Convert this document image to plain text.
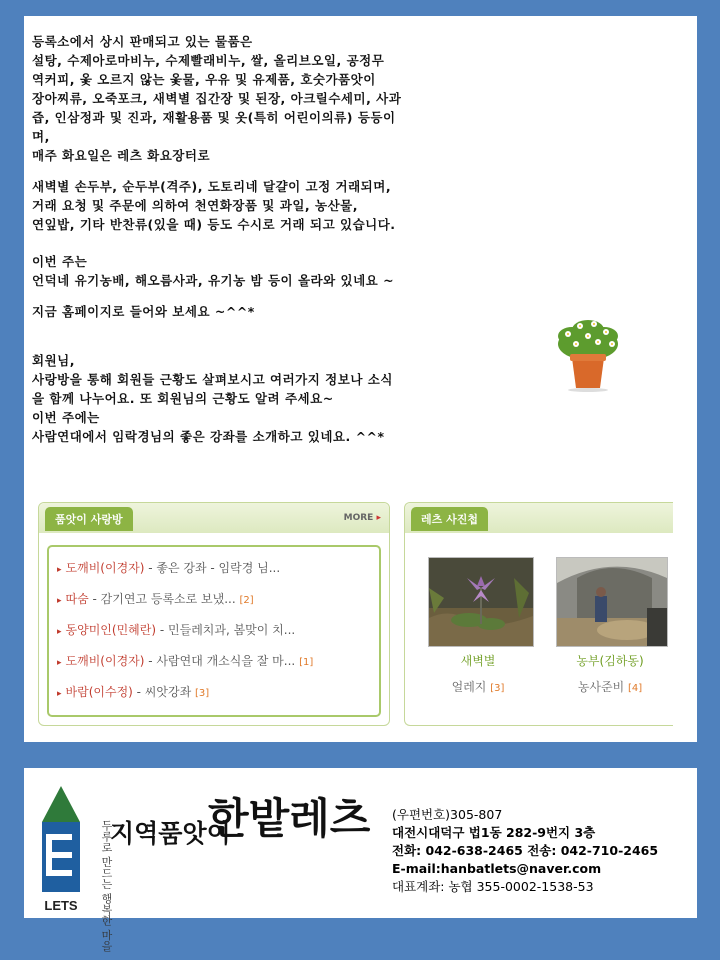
등록소에서 상시 판매되고 있는 물품은

설탕, 수제아로마비누, 수제빨래비누, 쌀, 올리브오일, 공정무

역커피, 옻 오르지 않는 옻물, 우유 및 유제품, 호숫가품앗이

장아찌류, 오죽포크, 새벽별 집간장 및 된장, 아크릴수세미, 사과

즙, 인삼정과 및 진과, 재활용품 및 옷(특히 어린이의류) 등등이

며,

매주 화요일은 레츠 화요장터로

새벽별 손두부, 순두부(격주), 도토리네 달걀이 고정 거래되며,

거래 요청 및 주문에 의하여 천연화장품 및 과일, 농산물,

연잎밥, 기타 반찬류(있을 때) 등도 수시로 거래 되고 있습니다.

이번 주는

언덕네 유기농배, 해오름사과, 유기농 밤 등이 올라와 있네요 ~

지금 홈페이지로 들어와 보세요 ~^^*

회원님,

사랑방을 통해 회원들 근황도 살펴보시고 여러가지 정보나 소식

을 함께 나누어요. 또 회원님의 근황도 알려 주세요~

이번 주에는

사람연대에서 임락경님의 좋은 강좌를 소개하고 있네요. ^^*

품앗이 사랑방	MORE ▸
▸ 도깨비(이경자) - 좋은 강좌 - 임락경 님...
▸ 따숨 - 감기연고 등록소로 보냈... [2]
▸ 동양미인(민혜란) - 민들레치과, 봄맞이 치...
▸ 도깨비(이경자) - 사람연대 개소식을 잘 마... [1]
▸ 바람(이수정) - 씨앗강좌 [3]
레츠 사진첩
새벽별
얼레지 [3]
농부(김하동)
농사준비 [4]
LETS	두루로 만드는 행복한 마을
지역품앗이
한밭레츠 (우편번호)305-807
대전시대덕구 법1동 282-9번지 3층
전화: 042-638-2465 전송: 042-710-2465
E-mail:hanbatlets@naver.com
대표계좌: 농협 355-0002-1538-53
